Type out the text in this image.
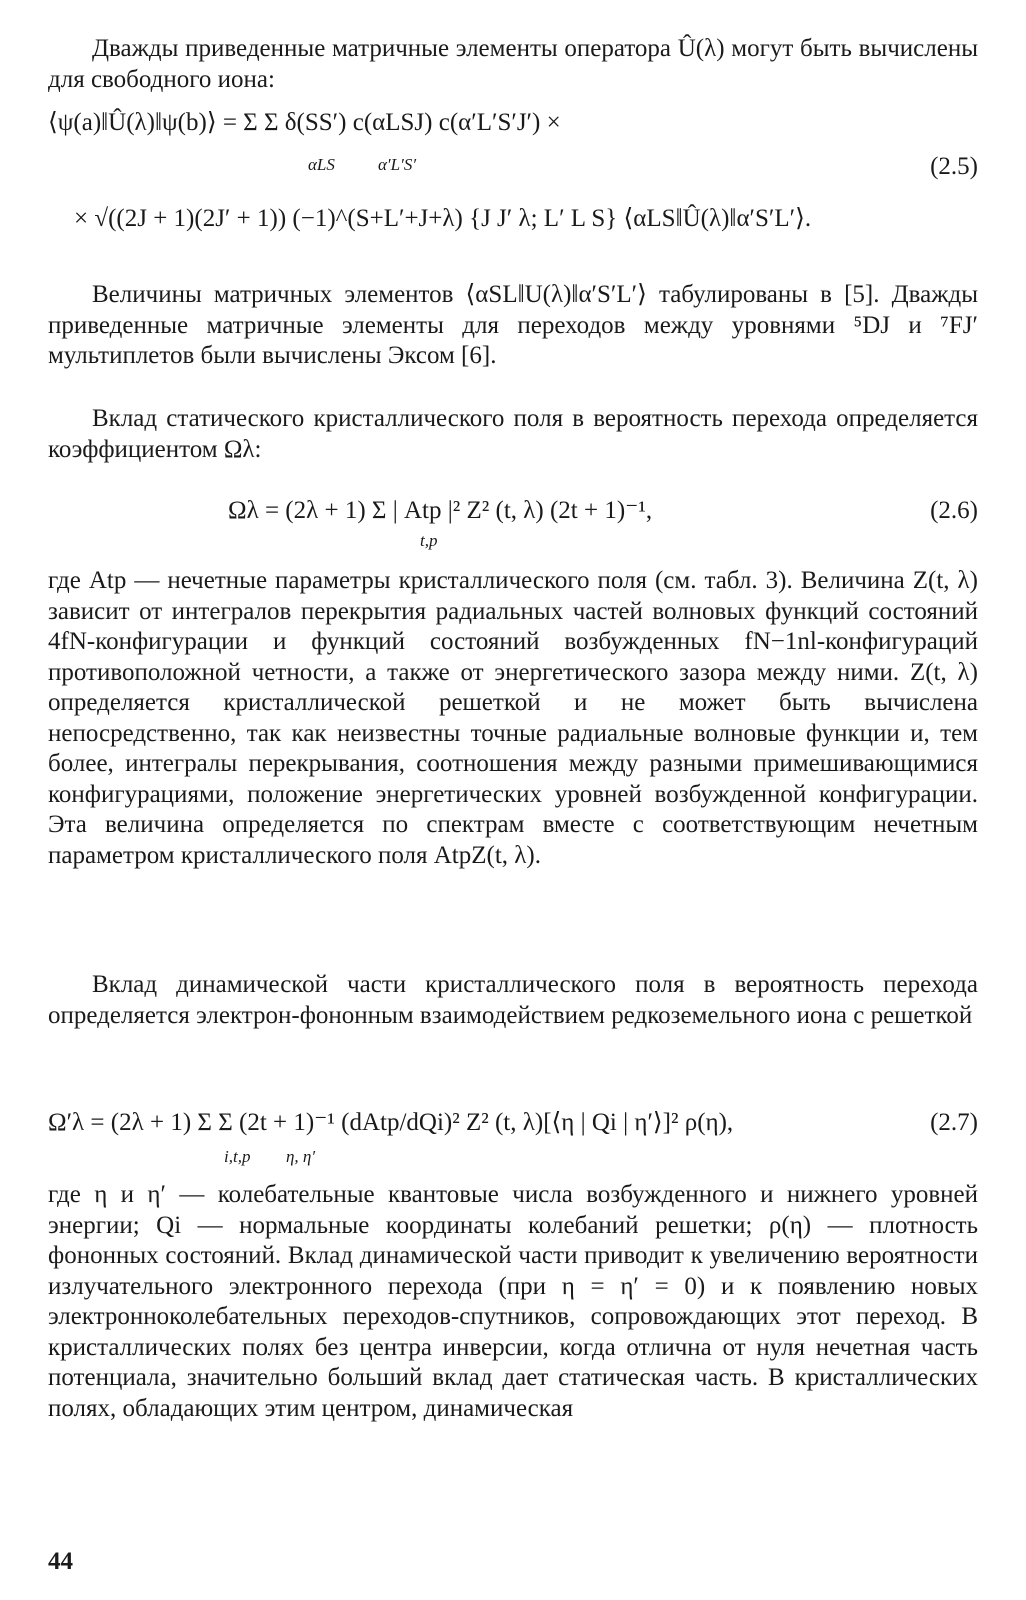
Дважды приведенные матричные элементы оператора Û(λ) могут быть вычислены для свободного иона:

⟨ψ(a)‖Û(λ)‖ψ(b)⟩ = Σ Σ δ(SS′) c(αLSJ) c(α′L′S′J′) ×
αLS	α′L′S′	(2.5)
× √((2J + 1)(2J′ + 1)) (−1)^(S+L′+J+λ) {J J′ λ; L′ L S} ⟨αLS‖Û(λ)‖α′S′L′⟩.

Величины матричных элементов ⟨αSL‖U(λ)‖α′S′L′⟩ табулированы в [5]. Дважды приведенные матричные элементы для переходов между уровнями ⁵DJ и ⁷FJ′ мультиплетов были вычислены Эксом [6].

Вклад статического кристаллического поля в вероятность перехода определяется коэффициентом Ωλ:

Ωλ = (2λ + 1) Σ | Atp |² Z² (t, λ) (2t + 1)⁻¹,
t,p
(2.6)

где Atp — нечетные параметры кристаллического поля (см. табл. 3). Величина Z(t, λ) зависит от интегралов перекрытия радиальных частей волновых функций состояний 4fN-конфигурации и функций состояний возбужденных fN−1nl-конфигураций противоположной четности, а также от энергетического зазора между ними. Z(t, λ) определяется кристаллической решеткой и не может быть вычислена непосредственно, так как неизвестны точные радиальные волновые функции и, тем более, интегралы перекрывания, соотношения между разными примешивающимися конфигурациями, положение энергетических уровней возбужденной конфигурации. Эта величина определяется по спектрам вместе с соответствующим нечетным параметром кристаллического поля AtpZ(t, λ).

Вклад динамической части кристаллического поля в вероятность перехода определяется электрон-фононным взаимодействием редкоземельного иона с решеткой

Ω′λ = (2λ + 1) Σ Σ (2t + 1)⁻¹ (dAtp/dQi)² Z² (t, λ)[⟨η | Qi | η′⟩]² ρ(η),
i,t,p η, η′
(2.7)

где η и η′ — колебательные квантовые числа возбужденного и нижнего уровней энергии; Qi — нормальные координаты колебаний решетки; ρ(η) — плотность фононных состояний. Вклад динамической части приводит к увеличению вероятности излучательного электронного перехода (при η = η′ = 0) и к появлению новых электронноколебательных переходов-спутников, сопровождающих этот переход. В кристаллических полях без центра инверсии, когда отлична от нуля нечетная часть потенциала, значительно больший вклад дает статическая часть. В кристаллических полях, обладающих этим центром, динамическая

44
